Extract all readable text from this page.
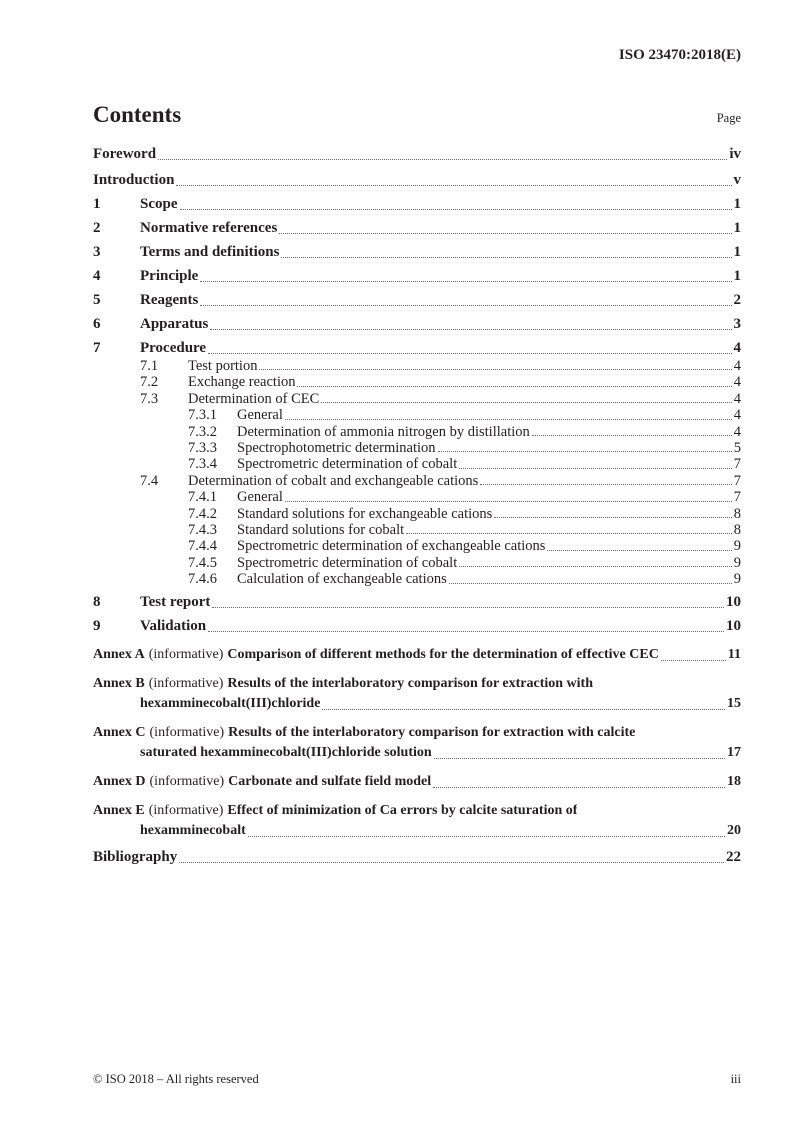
ISO 23470:2018(E)
Contents	Page
Foreword	iv
Introduction	v
1	Scope	1
2	Normative references	1
3	Terms and definitions	1
4	Principle	1
5	Reagents	2
6	Apparatus	3
7	Procedure	4
7.1	Test portion	4
7.2	Exchange reaction	4
7.3	Determination of CEC	4
7.3.1	General	4
7.3.2	Determination of ammonia nitrogen by distillation	4
7.3.3	Spectrophotometric determination	5
7.3.4	Spectrometric determination of cobalt	7
7.4	Determination of cobalt and exchangeable cations	7
7.4.1	General	7
7.4.2	Standard solutions for exchangeable cations	8
7.4.3	Standard solutions for cobalt	8
7.4.4	Spectrometric determination of exchangeable cations	9
7.4.5	Spectrometric determination of cobalt	9
7.4.6	Calculation of exchangeable cations	9
8	Test report	10
9	Validation	10
Annex A (informative) Comparison of different methods for the determination of effective CEC	11
Annex B (informative) Results of the interlaboratory comparison for extraction with
hexamminecobalt(III)chloride	15
Annex C (informative) Results of the interlaboratory comparison for extraction with calcite
saturated hexamminecobalt(III)chloride solution	17
Annex D (informative) Carbonate and sulfate field model	18
Annex E (informative) Effect of minimization of Ca errors by calcite saturation of
hexamminecobalt	20
Bibliography	22
© ISO 2018 – All rights reserved	iii
